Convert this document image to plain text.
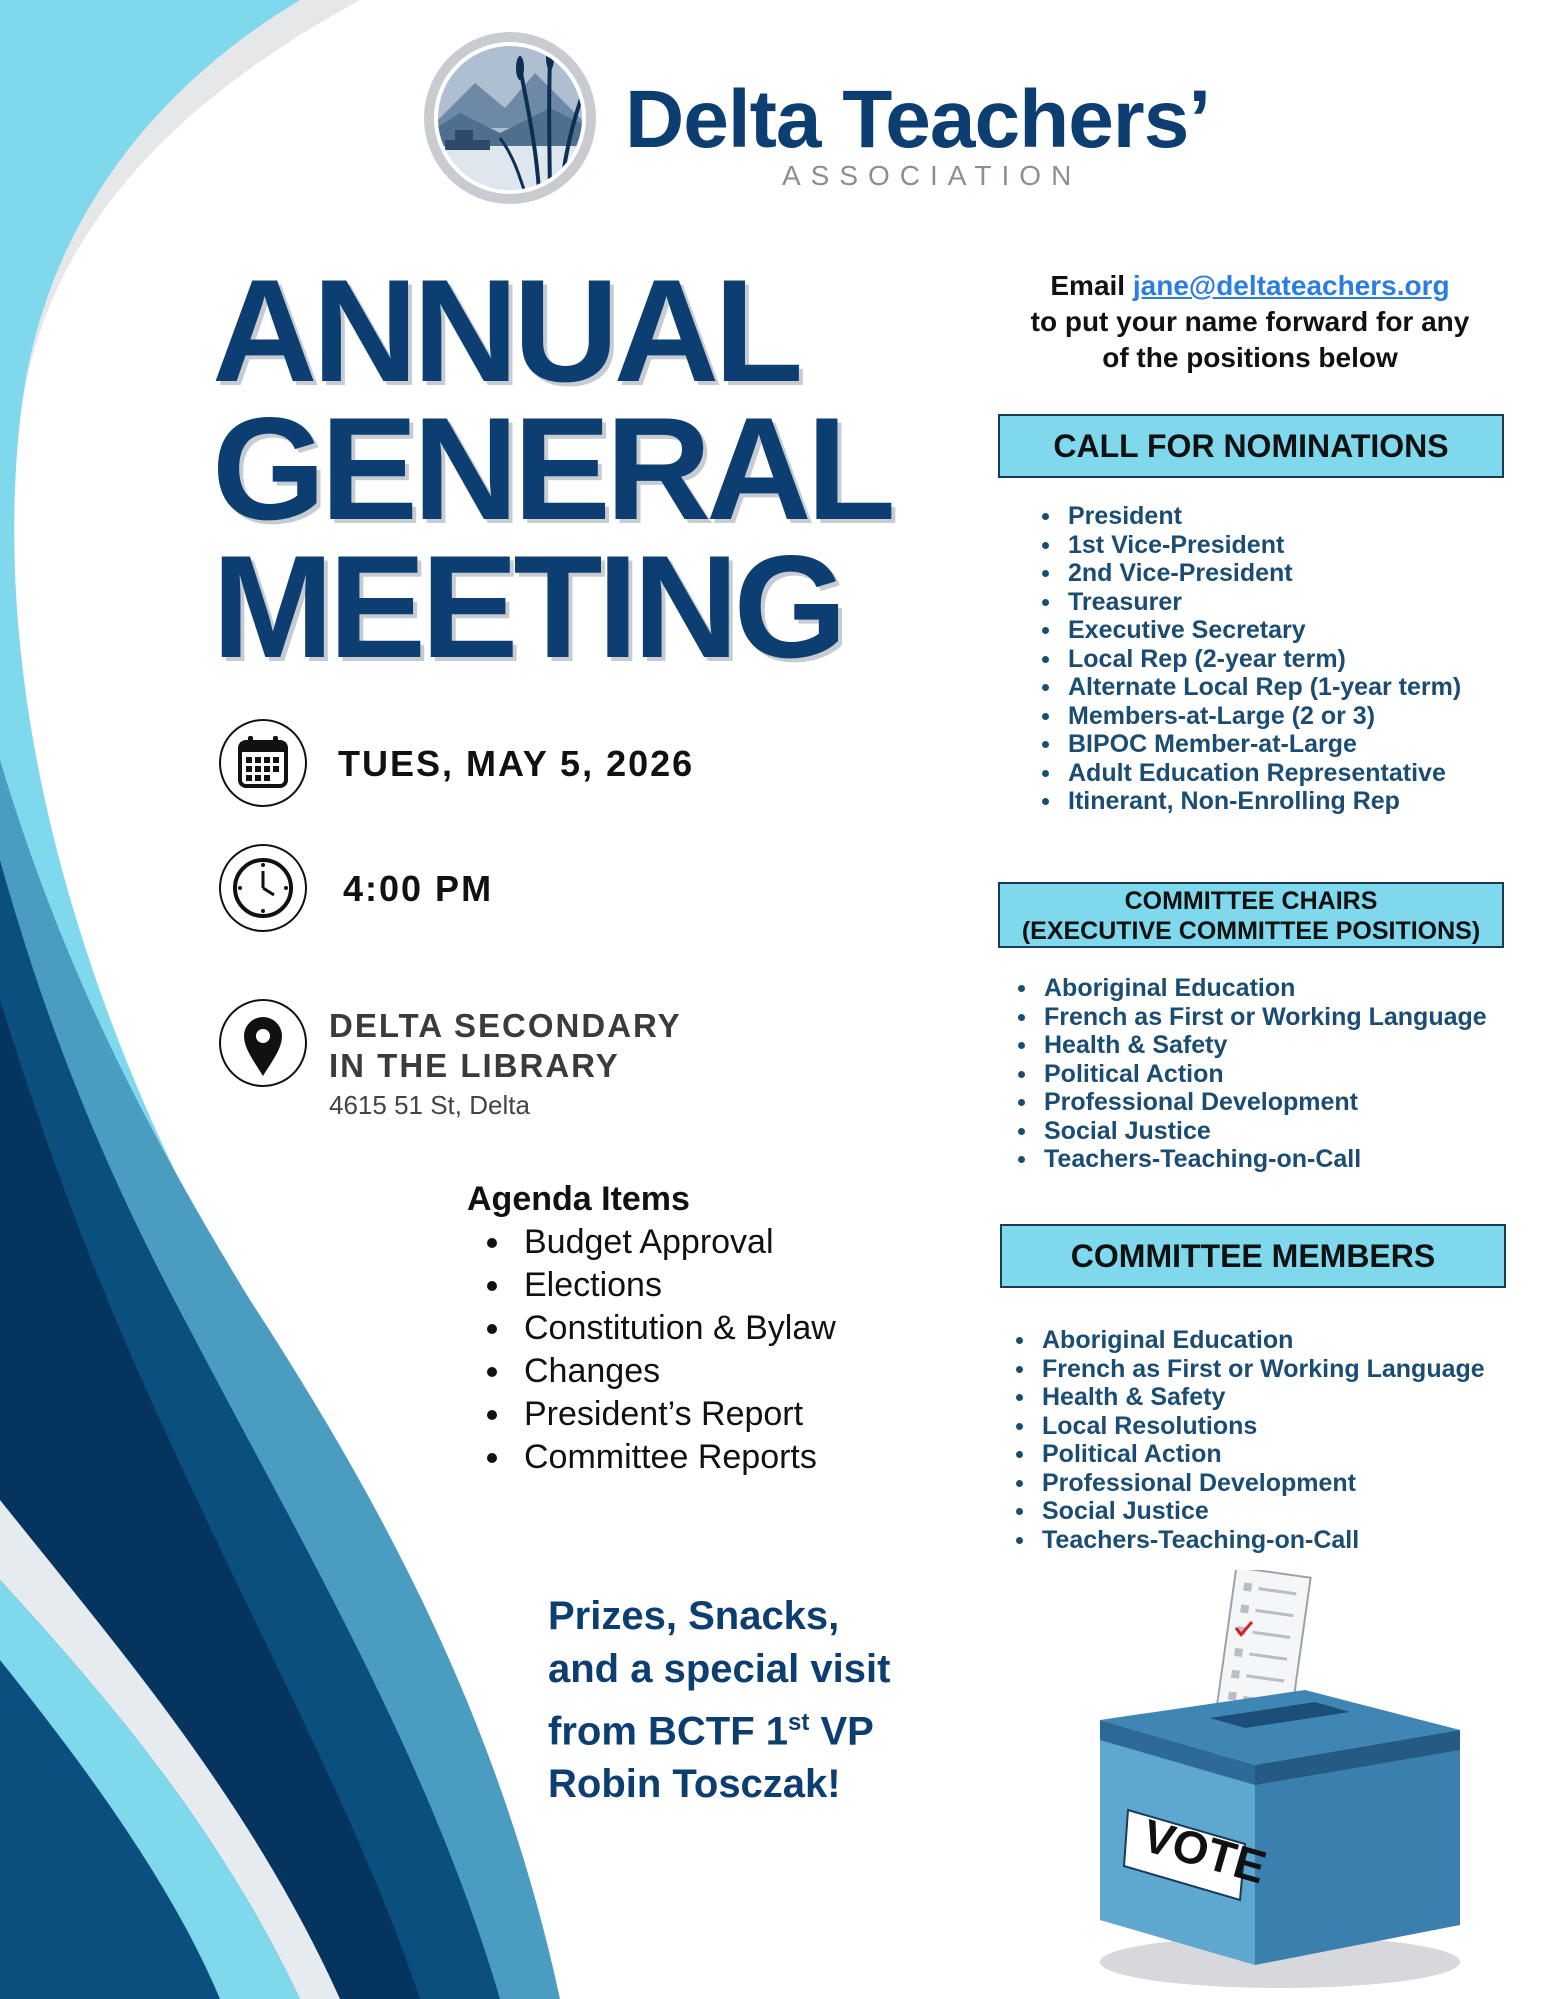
Delta Teachers’
ASSOCIATION
ANNUAL
GENERAL
MEETING
TUES, MAY 5, 2026
4:00 PM
DELTA SECONDARY
IN THE LIBRARY
4615 51 St, Delta
Agenda Items
Budget Approval
Elections
Constitution & Bylaw
Changes
President’s Report
Committee Reports
Prizes, Snacks,
and a special visit
from BCTF 1st VP
Robin Tosczak!
Email jane@deltateachers.org
to put your name forward for any
of the positions below
CALL FOR NOMINATIONS
President
1st Vice-President
2nd Vice-President
Treasurer
Executive Secretary
Local Rep (2-year term)
Alternate Local Rep (1-year term)
Members-at-Large (2 or 3)
BIPOC Member-at-Large
Adult Education Representative
Itinerant, Non-Enrolling Rep
COMMITTEE CHAIRS
(EXECUTIVE COMMITTEE POSITIONS)
Aboriginal Education
French as First or Working Language
Health & Safety
Political Action
Professional Development
Social Justice
Teachers-Teaching-on-Call
COMMITTEE MEMBERS
Aboriginal Education
French as First or Working Language
Health & Safety
Local Resolutions
Political Action
Professional Development
Social Justice
Teachers-Teaching-on-Call
VOTE
